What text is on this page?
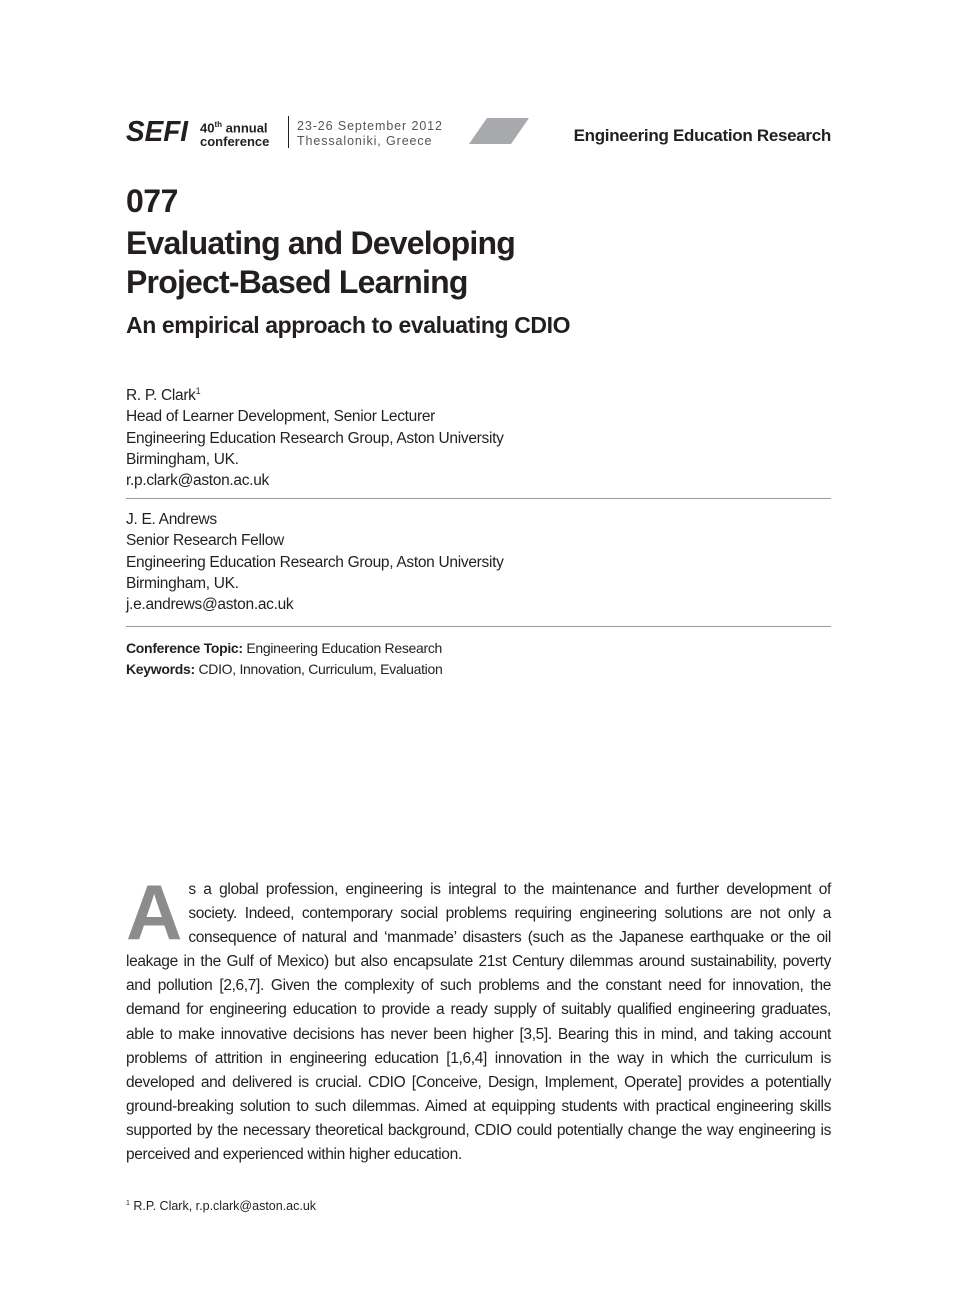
SEFI 40th annual
conference
23-26 September 2012
Thessaloniki, Greece	Engineering Education Research
077
Evaluating and Developing
Project-Based Learning
An empirical approach to evaluating CDIO
R. P. Clark$^1$
Head of Learner Development, Senior Lecturer
Engineering Education Research Group, Aston University
Birmingham, UK.
r.p.clark@aston.ac.uk
J. E. Andrews
Senior Research Fellow
Engineering Education Research Group, Aston University
Birmingham, UK.
j.e.andrews@aston.ac.uk
Conference Topic: Engineering Education Research
Keywords: CDIO, Innovation, Curriculum, Evaluation
As a global profession, engineering is integral to the maintenance and further development of society. Indeed, contemporary social problems requiring engineering solutions are not only a consequence of natural and ‘manmade’ disasters (such as the Japanese earthquake or the oil leakage in the Gulf of Mexico) but also encapsulate 21st Century dilemmas around sustainability, poverty and pollution [2,6,7]. Given the complexity of such problems and the constant need for innovation, the demand for engineering education to provide a ready supply of suitably qualified engineering graduates, able to make innovative decisions has never been higher [3,5]. Bearing this in mind, and taking account problems of attrition in engineering education [1,6,4] innovation in the way in which the curriculum is developed and delivered is crucial. CDIO [Conceive, Design, Implement, Operate] provides a potentially ground-breaking solution to such dilemmas. Aimed at equipping students with practical engineering skills supported by the necessary theoretical background, CDIO could potentially change the way engineering is perceived and experienced within higher education.
$^1$ R.P. Clark, r.p.clark@aston.ac.uk
